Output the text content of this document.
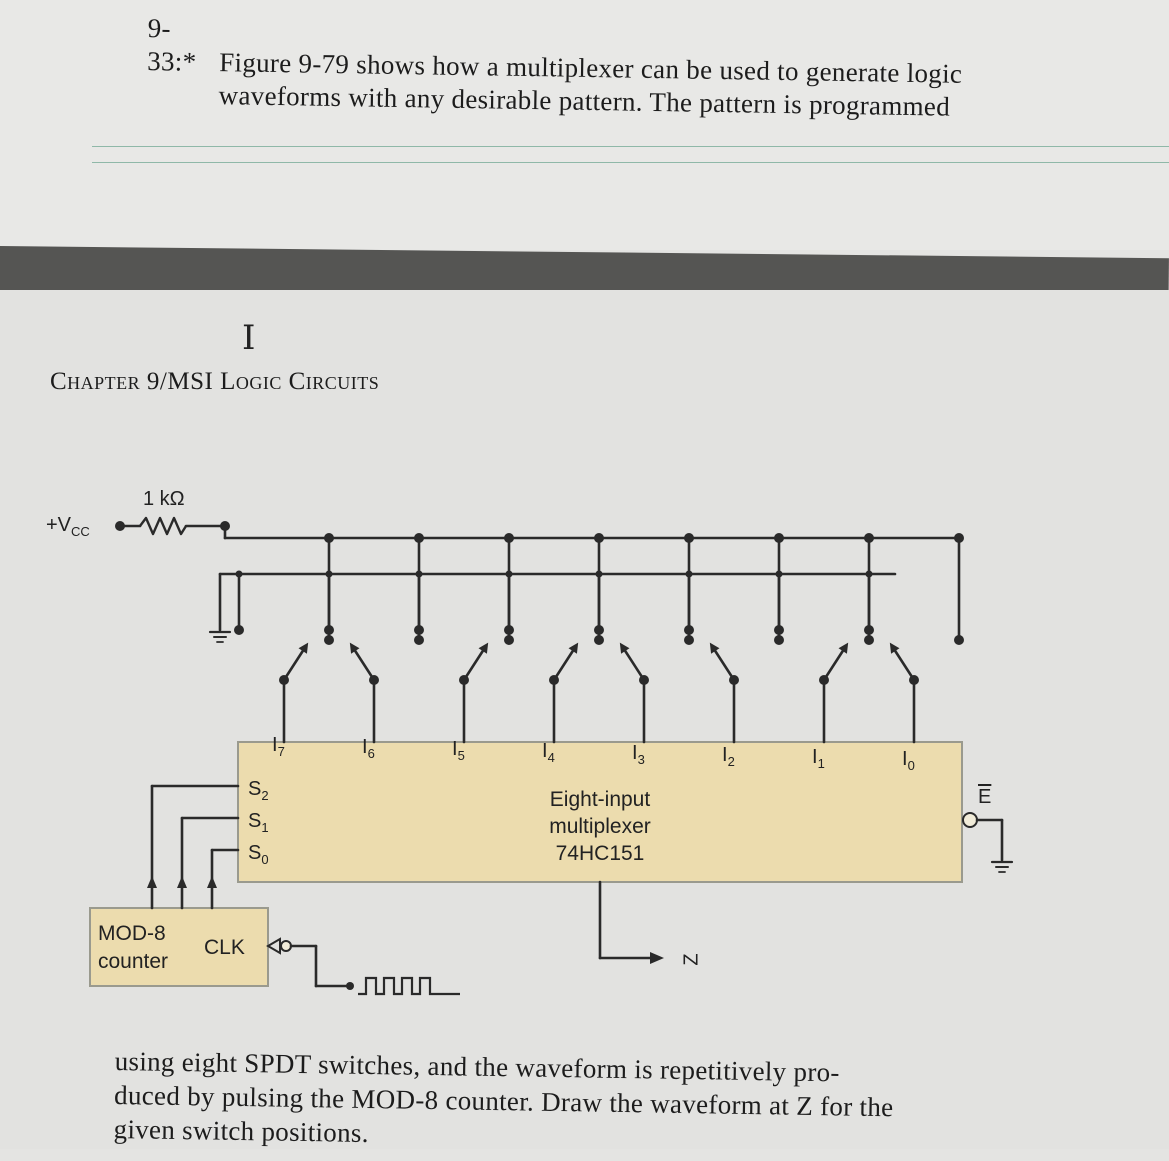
9-33:* Figure 9-79 shows how a multiplexer can be used to generate logic
waveforms with any desirable pattern. The pattern is programmed
I
Chapter 9/MSI Logic Circuits
1 kΩ
$+V_{CC}$
$I_7$	$I_6$	$I_5$	$I_4$	$I_3$	$I_2$	$I_1$	$I_0$
$S_2$
$S_1$
$S_0$
Eight-input
multiplexer
74HC151
$\overline{E}$
MOD-8
counter
CLK
Z
using eight SPDT switches, and the waveform is repetitively pro-
duced by pulsing the MOD-8 counter. Draw the waveform at Z for the
given switch positions.
